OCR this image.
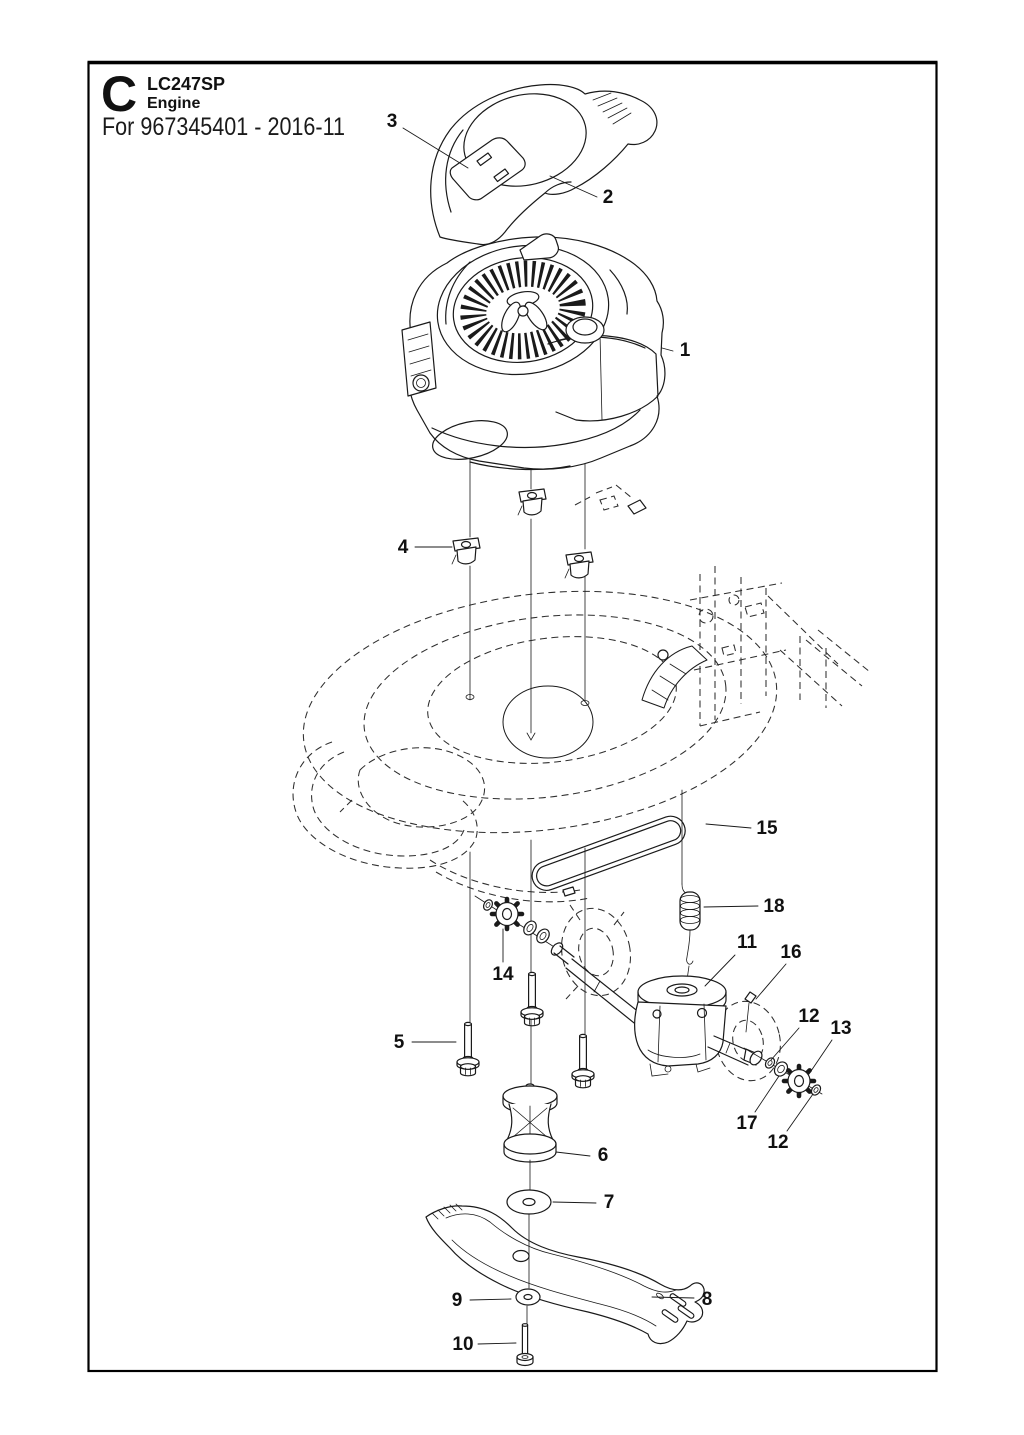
C LC247SP
Engine
For 967345401 - 2016-11 3
2
1
4
15
18
14
11 16
12
13
5
6
7
17
12
9	8
10
